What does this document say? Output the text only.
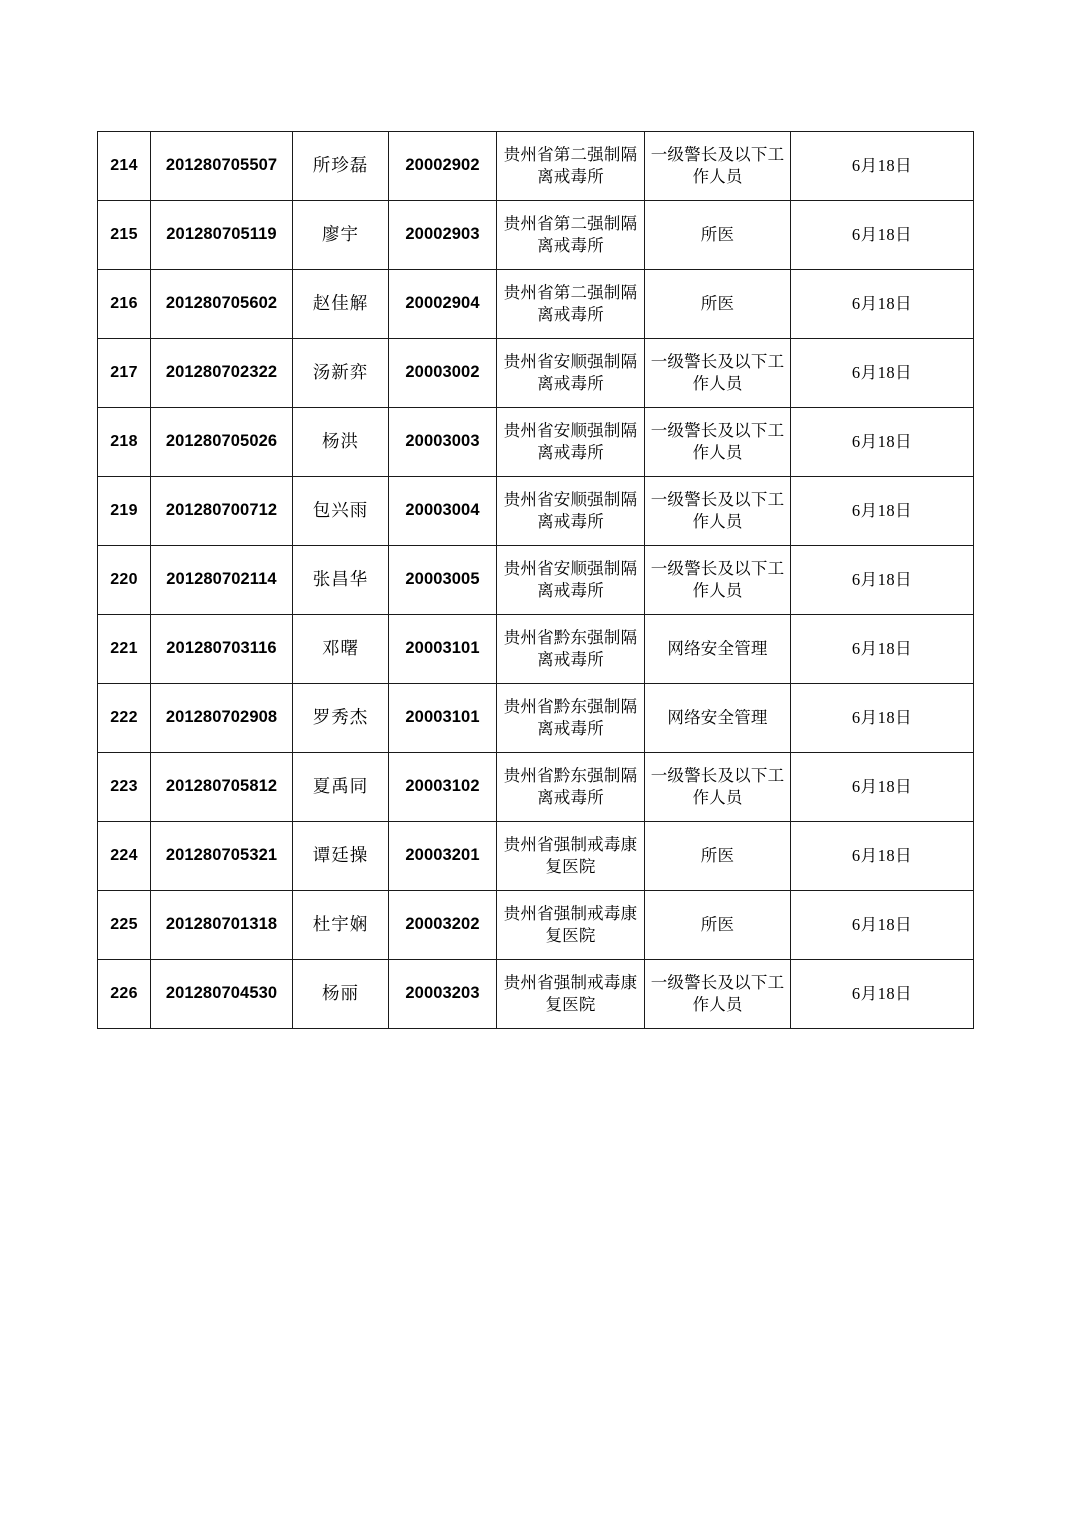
214	201280705507	所珍磊	20002902	贵州省第二强制隔离戒毒所	一级警长及以下工作人员	6月18日
215	201280705119	廖宇	20002903	贵州省第二强制隔离戒毒所	所医	6月18日
216	201280705602	赵佳解	20002904	贵州省第二强制隔离戒毒所	所医	6月18日
217	201280702322	汤新弈	20003002	贵州省安顺强制隔离戒毒所	一级警长及以下工作人员	6月18日
218	201280705026	杨洪	20003003	贵州省安顺强制隔离戒毒所	一级警长及以下工作人员	6月18日
219	201280700712	包兴雨	20003004	贵州省安顺强制隔离戒毒所	一级警长及以下工作人员	6月18日
220	201280702114	张昌华	20003005	贵州省安顺强制隔离戒毒所	一级警长及以下工作人员	6月18日
221	201280703116	邓曙	20003101	贵州省黔东强制隔离戒毒所	网络安全管理	6月18日
222	201280702908	罗秀杰	20003101	贵州省黔东强制隔离戒毒所	网络安全管理	6月18日
223	201280705812	夏禹同	20003102	贵州省黔东强制隔离戒毒所	一级警长及以下工作人员	6月18日
224	201280705321	谭廷操	20003201	贵州省强制戒毒康复医院	所医	6月18日
225	201280701318	杜宇娴	20003202	贵州省强制戒毒康复医院	所医	6月18日
226	201280704530	杨丽	20003203	贵州省强制戒毒康复医院	一级警长及以下工作人员	6月18日
